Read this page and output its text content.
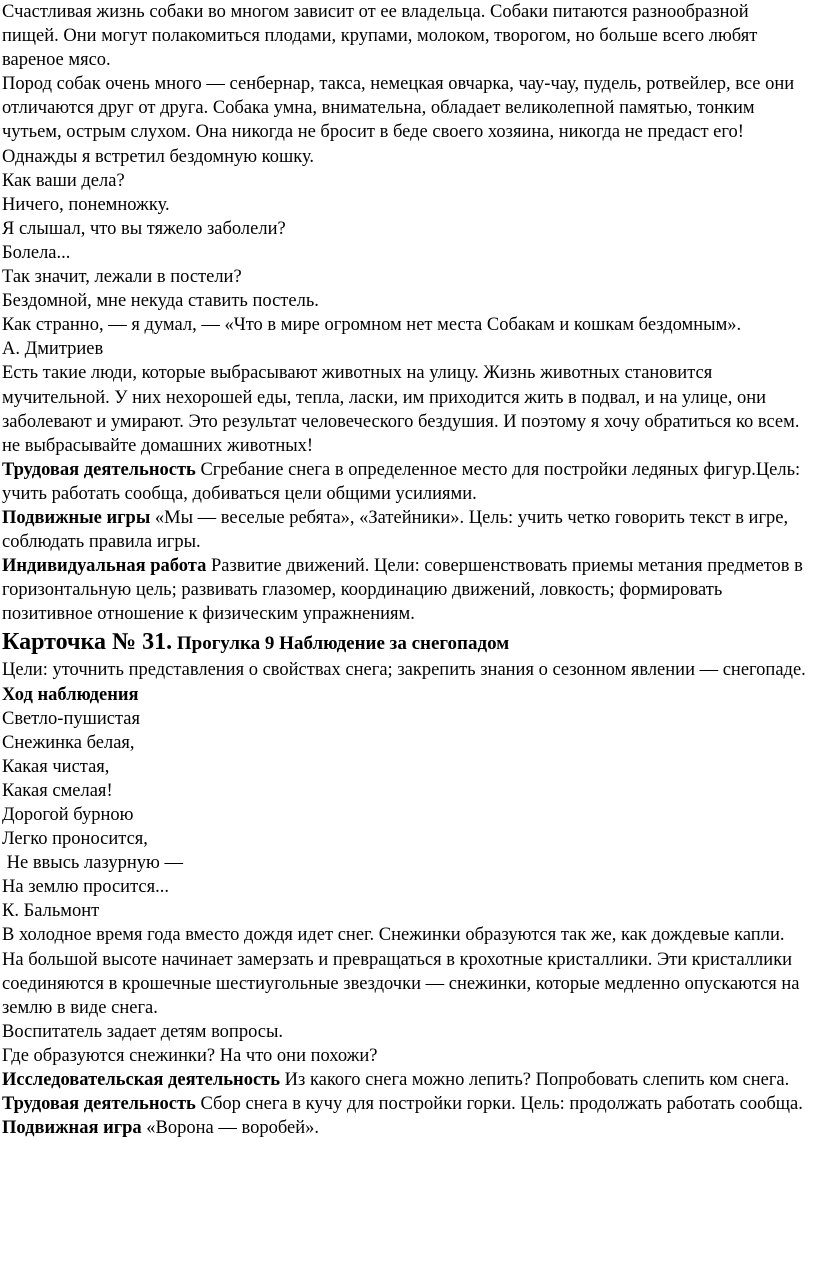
Счастливая жизнь собаки во многом зависит от ее владельца. Собаки питаются разнообразной пищей. Они могут полакомиться плодами, крупами, молоком, творогом, но больше всего любят вареное мясо.

Пород собак очень много — сенбернар, такса, немецкая овчарка, чау-чау, пудель, ротвейлер, все они отличаются друг от друга. Собака умна, внимательна, обладает великолепной памятью, тонким чутьем, острым слухом. Она никогда не бросит в беде своего хозяина, никогда не предаст его!

Однажды я встретил бездомную кошку.

Как ваши дела?

Ничего, понемножку.

Я слышал, что вы тяжело заболели?

Болела...

Так значит, лежали в постели?

Бездомной, мне некуда ставить постель.

Как странно, — я думал, — «Что в мире огромном нет места Собакам и кошкам бездомным».

А. Дмитриев

Есть такие люди, которые выбрасывают животных на улицу. Жизнь животных становится мучительной. У них нехорошей еды, тепла, ласки, им приходится жить в подвал, и на улице, они заболевают и умирают. Это результат человеческого бездушия. И поэтому я хочу обратиться ко всем. не выбрасывайте домашних животных!

Трудовая деятельность Сгребание снега в определенное место для постройки ледяных фигур.Цель: учить работать сообща, добиваться цели общими усилиями.

Подвижные игры «Мы — веселые ребята», «Затейники». Цель: учить четко говорить текст в игре, соблюдать правила игры.

Индивидуальная работа Развитие движений. Цели: совершенствовать приемы метания предметов в горизонтальную цель; развивать глазомер, координацию движений, ловкость; формировать позитивное отношение к физическим упражнениям.

Карточка № 31. Прогулка 9 Наблюдение за снегопадом

Цели: уточнить представления о свойствах снега; закрепить знания о сезонном явлении — снегопаде.

Ход наблюдения

Светло-пушистая

Снежинка белая,

Какая чистая,

Какая смелая!

Дорогой бурною

Легко проносится,

Не ввысь лазурную —

На землю просится...

К. Бальмонт

В холодное время года вместо дождя идет снег. Снежинки образуются так же, как дождевые капли. На большой высоте начинает замерзать и превращаться в крохотные кристаллики. Эти кристаллики соединяются в крошечные шестиугольные звездочки — снежинки, которые медленно опускаются на землю в виде снега.

Воспитатель задает детям вопросы.

Где образуются снежинки? На что они похожи?

Исследовательская деятельность Из какого снега можно лепить? Попробовать слепить ком снега.

Трудовая деятельность Сбор снега в кучу для постройки горки. Цель: продолжать работать сообща.

Подвижная игра «Ворона — воробей».
